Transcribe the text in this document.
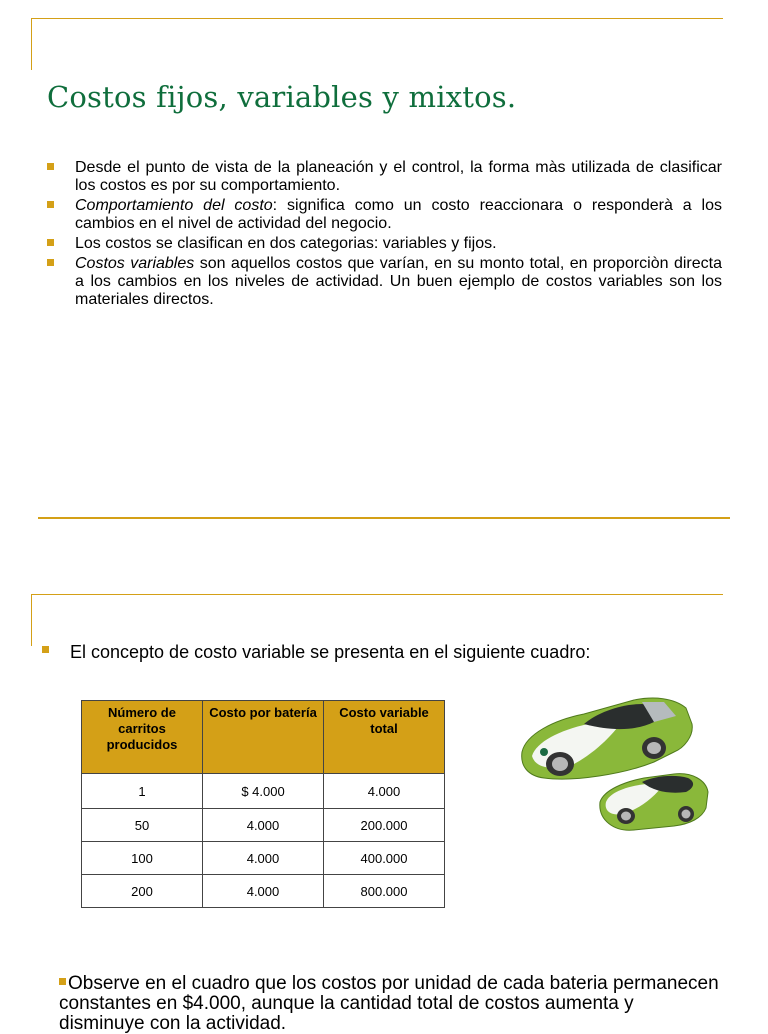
Costos fijos, variables y mixtos.
Desde el punto de vista de la planeación y el control, la forma màs utilizada de clasificar los costos es por su comportamiento.
Comportamiento del costo: significa como un costo reaccionara o responderà a los cambios en el nivel de actividad del negocio.
Los costos se clasifican en dos categorias: variables y fijos.
Costos variables son aquellos costos que varían, en su monto total, en proporciòn directa a los cambios en los niveles de actividad. Un buen ejemplo de costos variables son los materiales directos.
El concepto de costo variable se presenta en el siguiente cuadro:
Número de carritos producidos	Costo por batería	Costo variable total
1	$ 4.000	4.000
50	4.000	200.000
100	4.000	400.000
200	4.000	800.000
Observe en el cuadro que los costos por unidad de cada bateria permanecen constantes en $4.000, aunque la cantidad total de costos aumenta y disminuye con la actividad.
